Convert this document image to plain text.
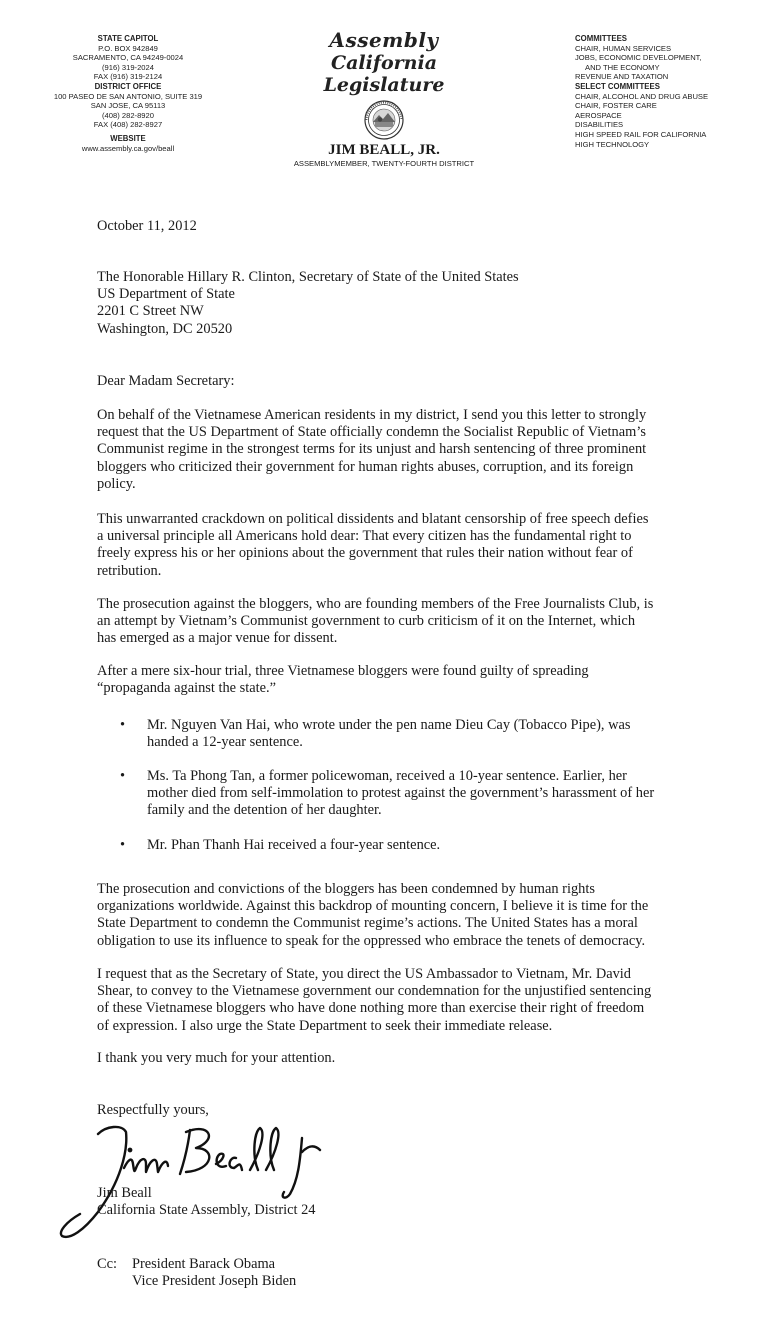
STATE CAPITOL
P.O. BOX 942849
SACRAMENTO, CA 94249-0024
(916) 319-2024
FAX (916) 319-2124
DISTRICT OFFICE
100 PASEO DE SAN ANTONIO, SUITE 319
SAN JOSE, CA 95113
(408) 282-8920
FAX (408) 282-8927
WEBSITE
www.assembly.ca.gov/beall
Assembly
California Legislature
JIM BEALL, JR.
ASSEMBLYMEMBER, TWENTY-FOURTH DISTRICT
COMMITTEES
CHAIR, HUMAN SERVICES
JOBS, ECONOMIC DEVELOPMENT,
AND THE ECONOMY
REVENUE AND TAXATION
SELECT COMMITTEES
CHAIR, ALCOHOL AND DRUG ABUSE
CHAIR, FOSTER CARE
AEROSPACE
DISABILITIES
HIGH SPEED RAIL FOR CALIFORNIA
HIGH TECHNOLOGY
October 11, 2012
The Honorable Hillary R. Clinton, Secretary of State of the United States
US Department of State
2201 C Street NW
Washington, DC 20520
Dear Madam Secretary:
On behalf of the Vietnamese American residents in my district, I send you this letter to strongly
request that the US Department of State officially condemn the Socialist Republic of Vietnam’s
Communist regime in the strongest terms for its unjust and harsh sentencing of three prominent
bloggers who criticized their government for human rights abuses, corruption, and its foreign
policy.
This unwarranted crackdown on political dissidents and blatant censorship of free speech defies
a universal principle all Americans hold dear: That every citizen has the fundamental right to
freely express his or her opinions about the government that rules their nation without fear of
retribution.
The prosecution against the bloggers, who are founding members of the Free Journalists Club, is
an attempt by Vietnam’s Communist government to curb criticism of it on the Internet, which
has emerged as a major venue for dissent.
After a mere six-hour trial, three Vietnamese bloggers were found guilty of spreading
“propaganda against the state.”
• Mr. Nguyen Van Hai, who wrote under the pen name Dieu Cay (Tobacco Pipe), was
handed a 12-year sentence.
• Ms. Ta Phong Tan, a former policewoman, received a 10-year sentence. Earlier, her
mother died from self-immolation to protest against the government’s harassment of her
family and the detention of her daughter.
• Mr. Phan Thanh Hai received a four-year sentence.
The prosecution and convictions of the bloggers has been condemned by human rights
organizations worldwide. Against this backdrop of mounting concern, I believe it is time for the
State Department to condemn the Communist regime’s actions. The United States has a moral
obligation to use its influence to speak for the oppressed who embrace the tenets of democracy.
I request that as the Secretary of State, you direct the US Ambassador to Vietnam, Mr. David
Shear, to convey to the Vietnamese government our condemnation for the unjustified sentencing
of these Vietnamese bloggers who have done nothing more than exercise their right of freedom
of expression. I also urge the State Department to seek their immediate release.
I thank you very much for your attention.
Respectfully yours,
Jim Beall
California State Assembly, District 24
Cc:	President Barack Obama
Vice President Joseph Biden
